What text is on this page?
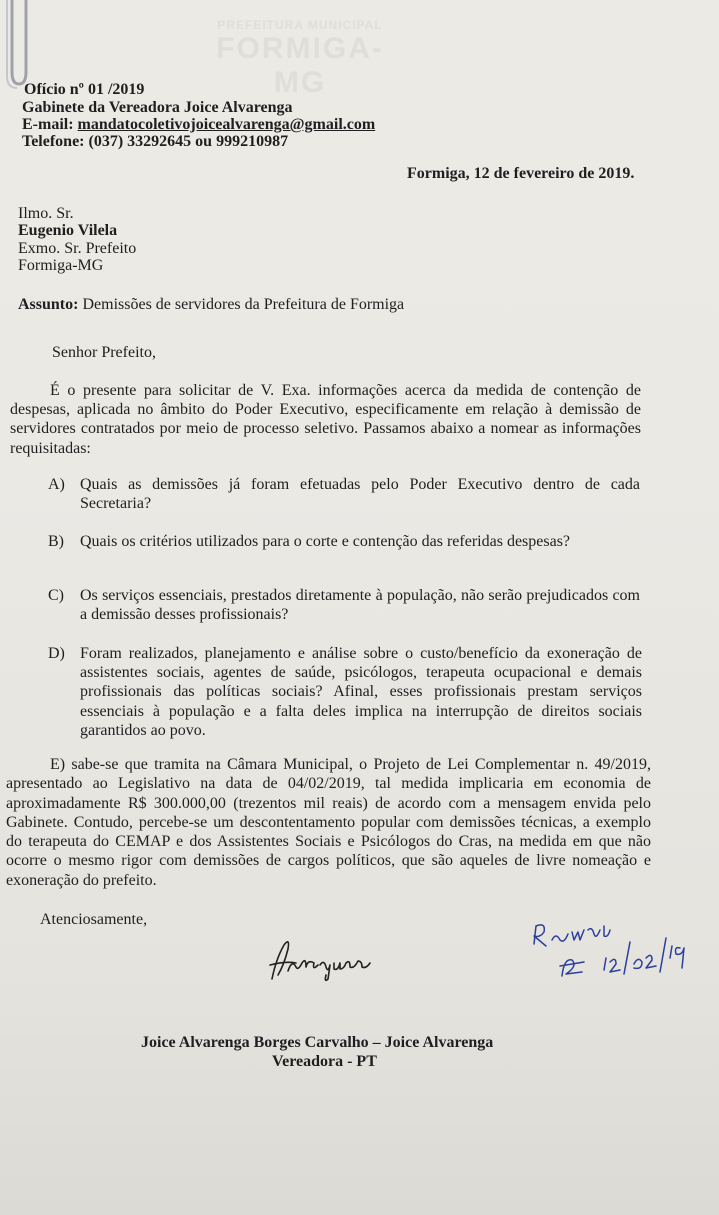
PREFEITURA MUNICIPAL
FORMIGA-MG
Ofício nº 01 /2019
Gabinete da Vereadora Joice Alvarenga
E-mail: mandatocoletivojoicealvarenga@gmail.com
Telefone: (037) 33292645 ou 999210987
Formiga, 12 de fevereiro de 2019.
Ilmo. Sr.
Eugenio Vilela
Exmo. Sr. Prefeito
Formiga-MG
Assunto: Demissões de servidores da Prefeitura de Formiga
Senhor Prefeito,
É o presente para solicitar de V. Exa. informações acerca da medida de contenção de despesas, aplicada no âmbito do Poder Executivo, especificamente em relação à demissão de servidores contratados por meio de processo seletivo. Passamos abaixo a nomear as informações requisitadas:
A) Quais as demissões já foram efetuadas pelo Poder Executivo dentro de cada Secretaria?
B) Quais os critérios utilizados para o corte e contenção das referidas despesas?
C) Os serviços essenciais, prestados diretamente à população, não serão prejudicados com a demissão desses profissionais?
D) Foram realizados, planejamento e análise sobre o custo/benefício da exoneração de assistentes sociais, agentes de saúde, psicólogos, terapeuta ocupacional e demais profissionais das políticas sociais? Afinal, esses profissionais prestam serviços essenciais à população e a falta deles implica na interrupção de direitos sociais garantidos ao povo.
E) sabe-se que tramita na Câmara Municipal, o Projeto de Lei Complementar n. 49/2019, apresentado ao Legislativo na data de 04/02/2019, tal medida implicaria em economia de aproximadamente R$ 300.000,00 (trezentos mil reais) de acordo com a mensagem envida pelo Gabinete. Contudo, percebe-se um descontentamento popular com demissões técnicas, a exemplo do terapeuta do CEMAP e dos Assistentes Sociais e Psicólogos do Cras, na medida em que não ocorre o mesmo rigor com demissões de cargos políticos, que são aqueles de livre nomeação e exoneração do prefeito.
Atenciosamente,
Joice Alvarenga Borges Carvalho – Joice Alvarenga
Vereadora - PT
